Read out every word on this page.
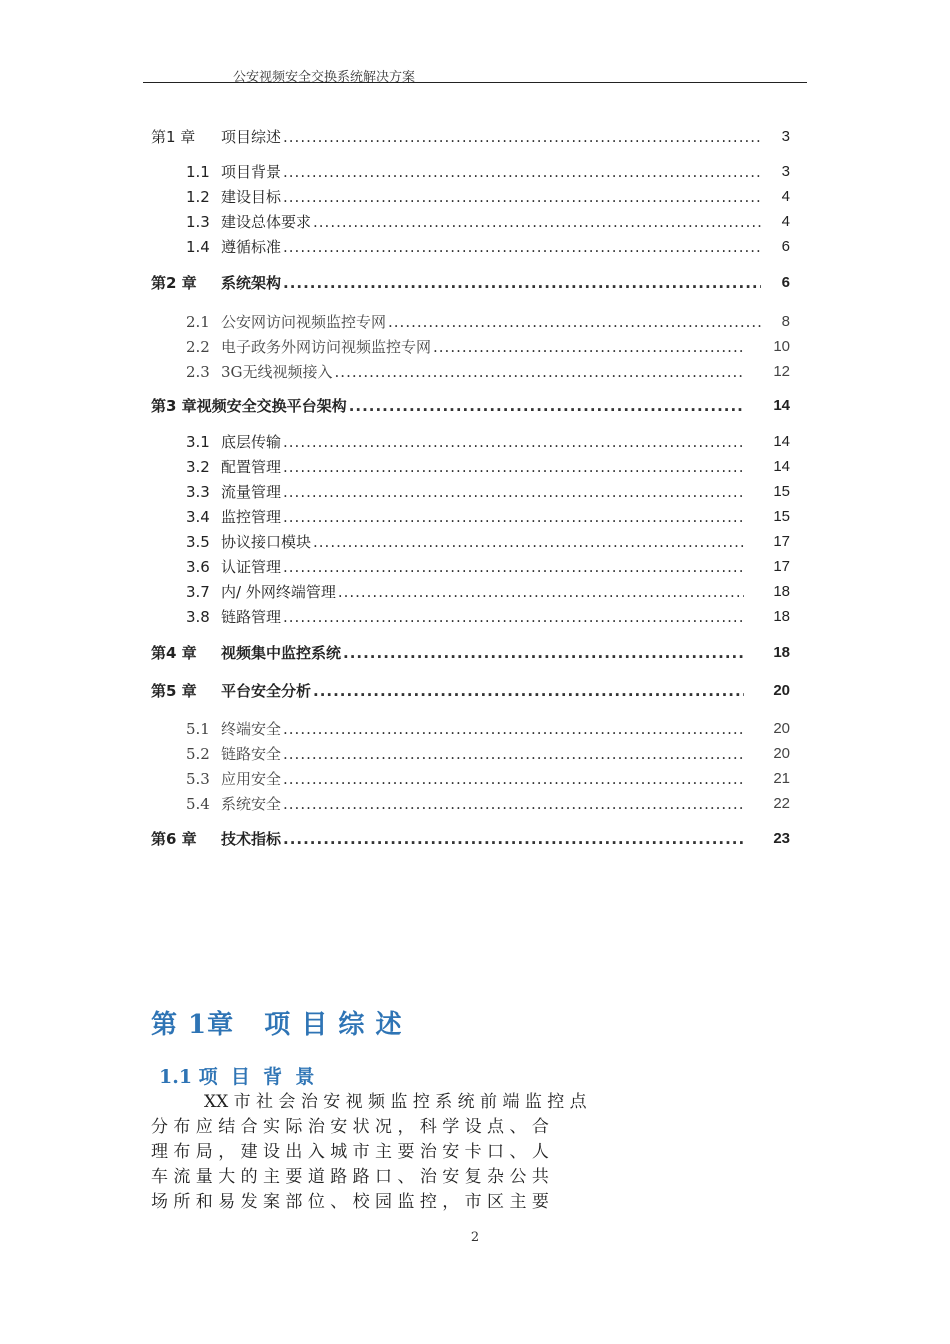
公安视频安全交换系统解决方案
第1 章	项目综述 .....	3
1.1 项目背景 .....	3
1.2 建设目标 .....	4
1.3 建设总体要求 .....	4
1.4 遵循标准 .....	6
第2 章	系统架构 .....	6
2.1 公安网访问视频监控专网 .....	8
2.2 电子政务外网访问视频监控专网 .....	10
2.3 3G无线视频接入 .....	12
第3 章 视频安全交换平台架构 .....	14
3.1 底层传输 .....	14
3.2 配置管理 .....	14
3.3 流量管理 .....	15
3.4 监控管理 .....	15
3.5 协议接口模块 .....	17
3.6 认证管理 .....	17
3.7 内/ 外网终端管理 .....	18
3.8 链路管理 .....	18
第4 章	视频集中监控系统 .....	18
第5 章	平台安全分析 .....	20
5.1 终端安全 .....	20
5.2 链路安全 .....	20
5.3 应用安全 .....	21
5.4 系统安全 .....	22
第6 章	技术指标 .....	23
第 1章   项 目 综 述
1.1 项  目  背  景
XX 市 社 会 治 安 视 频 监 控 系 统 前 端 监 控 点
分 布 应 结 合 实 际 治 安 状 况 ， 科 学 设 点 、 合
理 布 局 ， 建 设 出 入 城 市 主 要 治 安 卡 口 、 人
车 流 量 大 的 主 要 道 路 路 口 、 治 安 复 杂 公 共
场 所 和 易 发 案 部 位 、 校 园 监 控 ， 市 区 主 要
2
